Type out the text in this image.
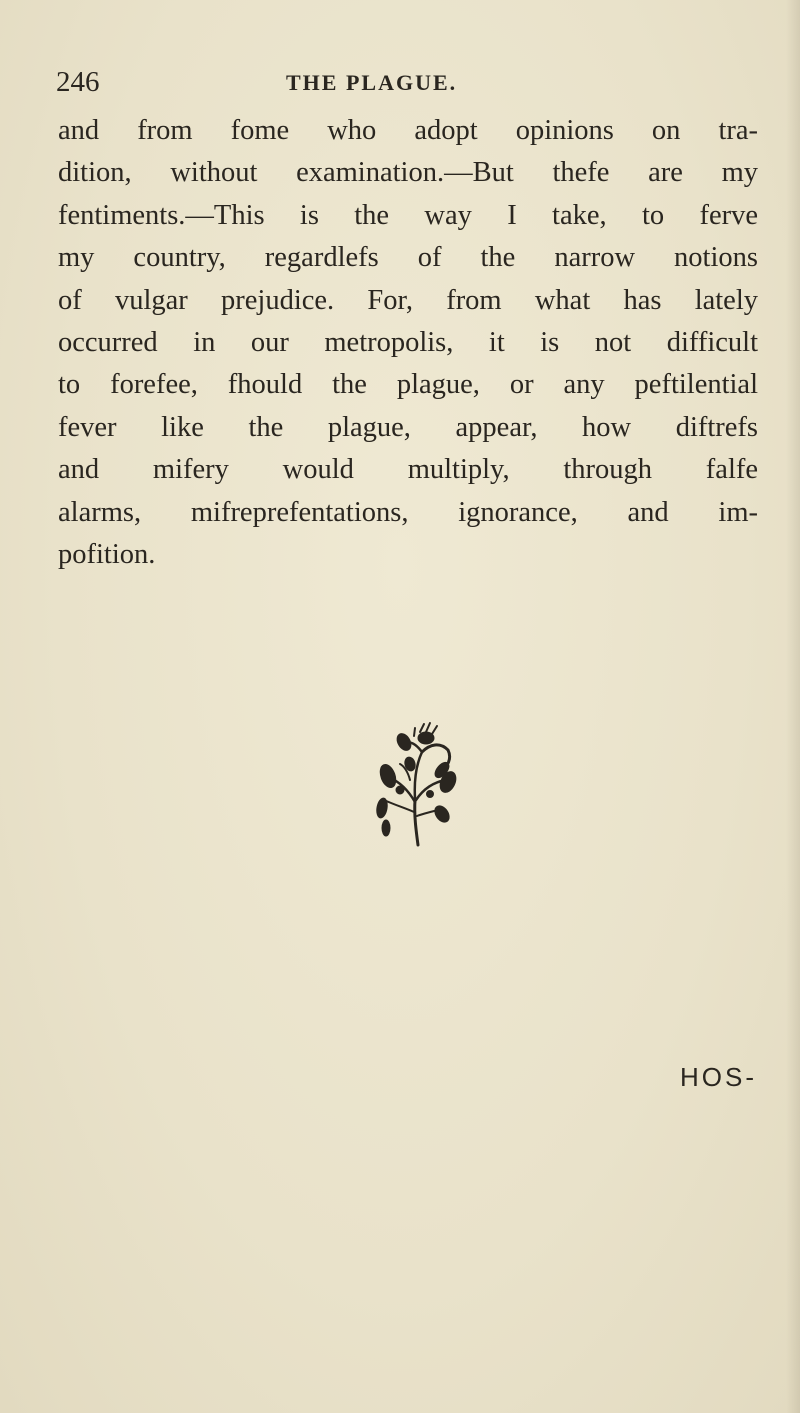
246	THE PLAGUE.
and from fome who adopt opinions on tra-
dition, without examination.—But thefe are my
fentiments.—This is the way I take, to ferve
my country, regardlefs of the narrow notions
of vulgar prejudice. For, from what has lately
occurred in our metropolis, it is not difficult
to forefee, fhould the plague, or any peftilential
fever like the plague, appear, how diftrefs
and mifery would multiply, through falfe
alarms, mifreprefentations, ignorance, and im-
pofition.
HOS-
